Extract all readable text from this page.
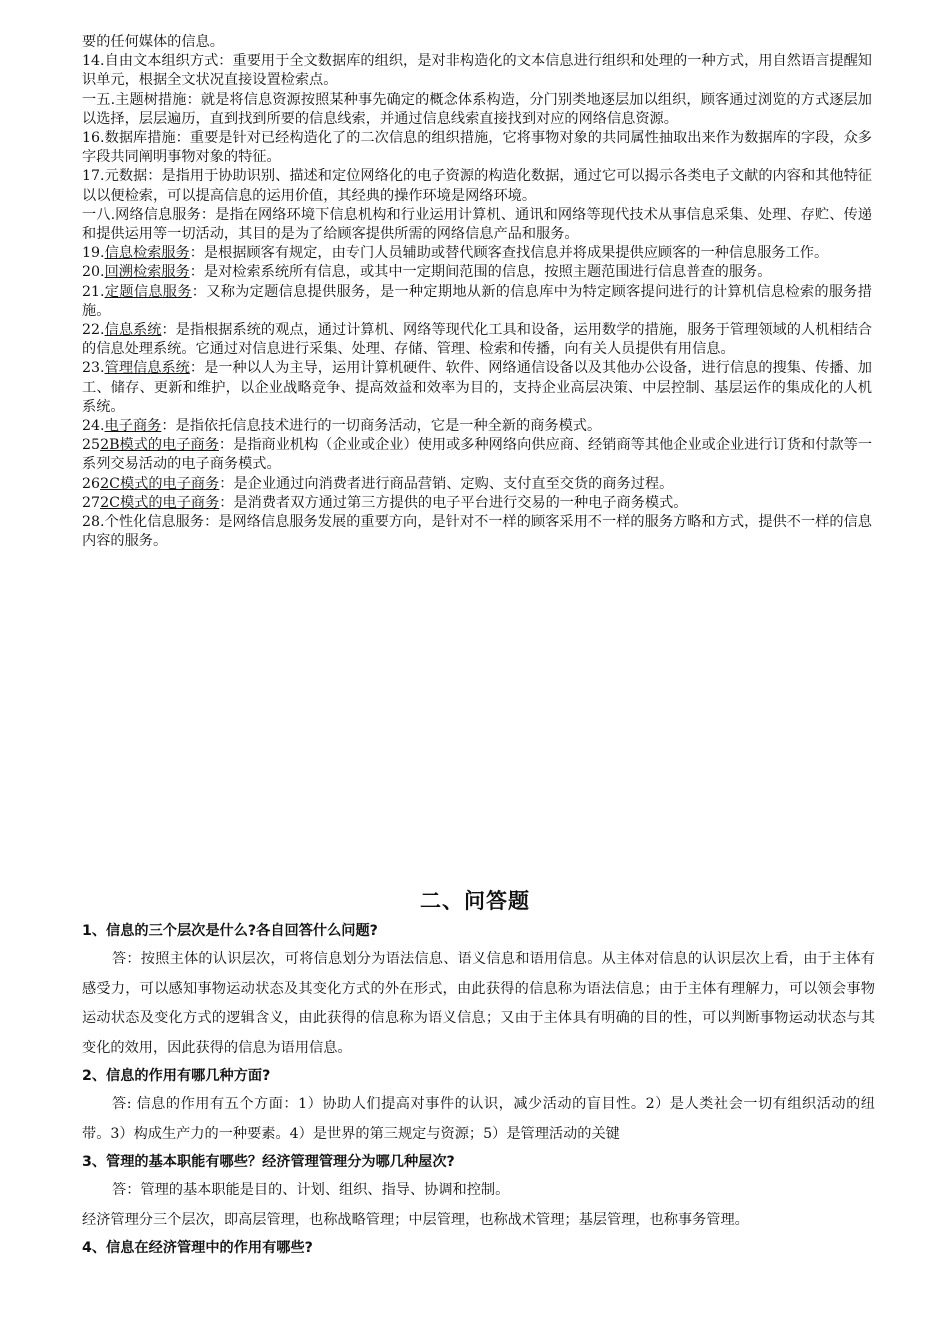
要的任何媒体的信息。

14.自由文本组织方式：重要用于全文数据库的组织，是对非构造化的文本信息进行组织和处理的一种方式，用自然语言提醒知识单元，根据全文状况直接设置检索点。

一五.主题树措施：就是将信息资源按照某种事先确定的概念体系构造，分门别类地逐层加以组织，顾客通过浏览的方式逐层加以选择，层层遍历，直到找到所要的信息线索，并通过信息线索直接找到对应的网络信息资源。

16.数据库措施：重要是针对已经构造化了的二次信息的组织措施，它将事物对象的共同属性抽取出来作为数据库的字段，众多字段共同阐明事物对象的特征。

17.元数据：是指用于协助识别、描述和定位网络化的电子资源的构造化数据，通过它可以揭示各类电子文献的内容和其他特征以以便检索，可以提高信息的运用价值，其经典的操作环境是网络环境。

一八.网络信息服务：是指在网络环境下信息机构和行业运用计算机、通讯和网络等现代技术从事信息采集、处理、存贮、传递和提供运用等一切活动，其目的是为了给顾客提供所需的网络信息产品和服务。

19.信息检索服务：是根据顾客有规定，由专门人员辅助或替代顾客查找信息并将成果提供应顾客的一种信息服务工作。

20.回溯检索服务：是对检索系统所有信息，或其中一定期间范围的信息，按照主题范围进行信息普查的服务。

21.定题信息服务：又称为定题信息提供服务，是一种定期地从新的信息库中为特定顾客提问进行的计算机信息检索的服务措施。

22.信息系统：是指根据系统的观点，通过计算机、网络等现代化工具和设备，运用数学的措施，服务于管理领域的人机相结合的信息处理系统。它通过对信息进行采集、处理、存储、管理、检索和传播，向有关人员提供有用信息。

23.管理信息系统：是一种以人为主导，运用计算机硬件、软件、网络通信设备以及其他办公设备，进行信息的搜集、传播、加工、储存、更新和维护，以企业战略竞争、提高效益和效率为目的，支持企业高层决策、中层控制、基层运作的集成化的人机系统。

24.电子商务：是指依托信息技术进行的一切商务活动，它是一种全新的商务模式。

252B模式的电子商务：是指商业机构（企业或企业）使用或多种网络向供应商、经销商等其他企业或企业进行订货和付款等一系列交易活动的电子商务模式。

262C模式的电子商务：是企业通过向消费者进行商品营销、定购、支付直至交货的商务过程。

272C模式的电子商务：是消费者双方通过第三方提供的电子平台进行交易的一种电子商务模式。

28.个性化信息服务：是网络信息服务发展的重要方向，是针对不一样的顾客采用不一样的服务方略和方式，提供不一样的信息内容的服务。

二、问答题

1、信息的三个层次是什么?各自回答什么问题?

答：按照主体的认识层次，可将信息划分为语法信息、语义信息和语用信息。从主体对信息的认识层次上看，由于主体有感受力，可以感知事物运动状态及其变化方式的外在形式，由此获得的信息称为语法信息；由于主体有理解力，可以领会事物运动状态及变化方式的逻辑含义，由此获得的信息称为语义信息；又由于主体具有明确的目的性，可以判断事物运动状态与其变化的效用，因此获得的信息为语用信息。

2、信息的作用有哪几种方面?

答: 信息的作用有五个方面：1）协助人们提高对事件的认识，减少活动的盲目性。2）是人类社会一切有组织活动的纽带。3）构成生产力的一种要素。4）是世界的第三规定与资源；5）是管理活动的关键

3、管理的基本职能有哪些？经济管理管理分为哪几种屋次?

答：管理的基本职能是目的、计划、组织、指导、协调和控制。

经济管理分三个层次，即高层管理，也称战略管理；中层管理，也称战术管理；基层管理，也称事务管理。

4、信息在经济管理中的作用有哪些?
